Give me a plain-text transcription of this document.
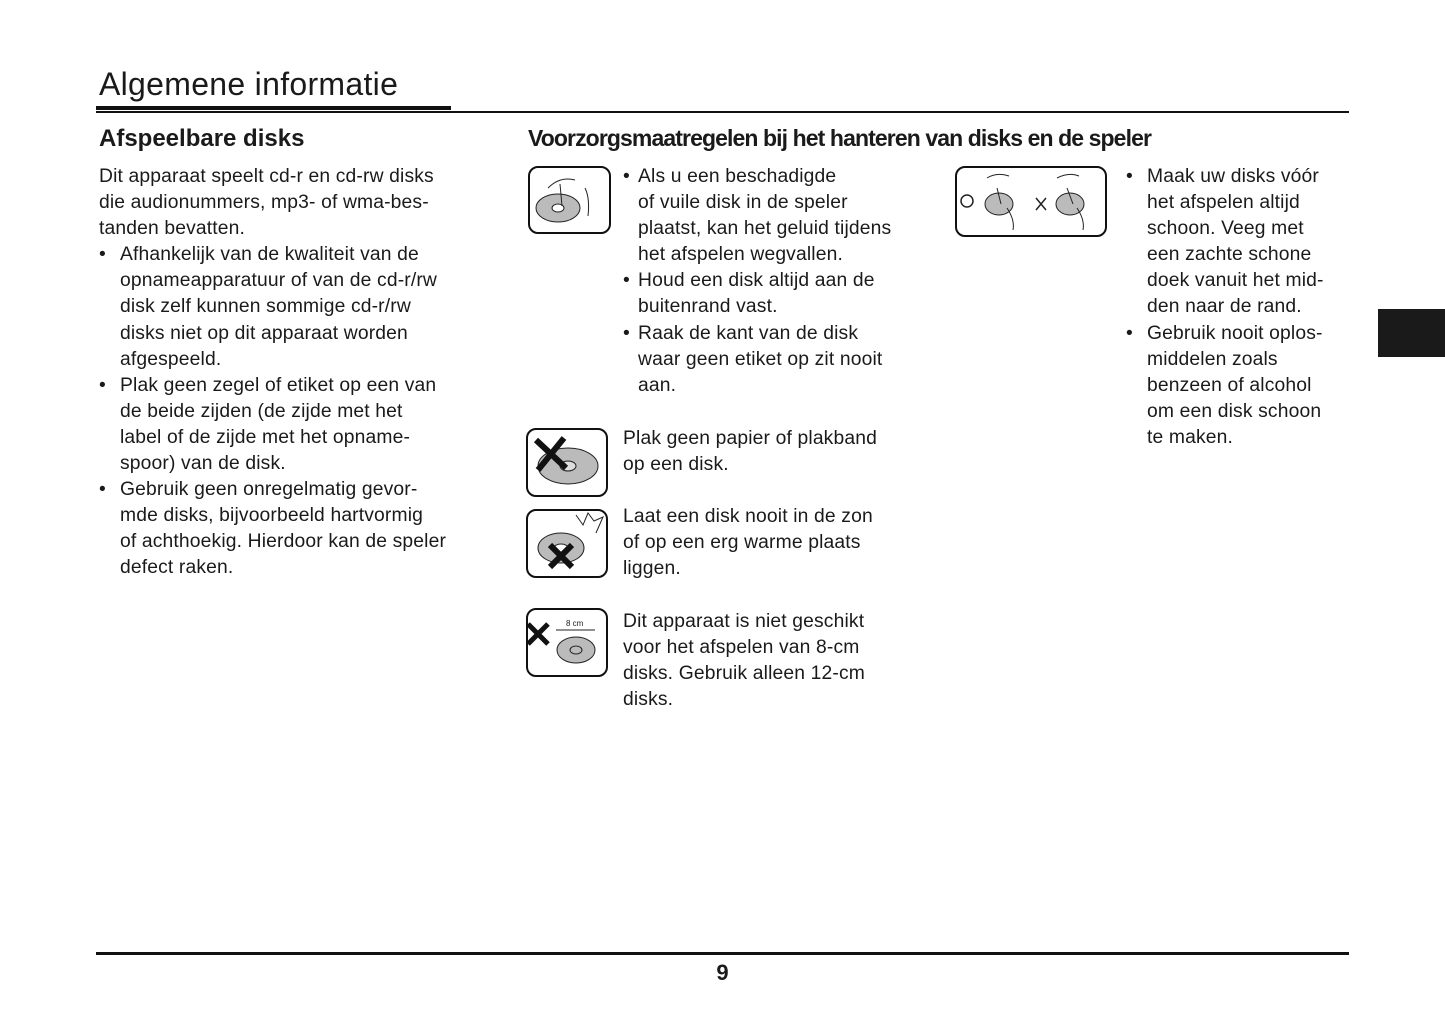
Algemene informatie
Afspeelbare disks
Dit apparaat speelt cd-r en cd-rw disks
die audionummers, mp3- of wma-bes-
tanden bevatten.
• Afhankelijk van de kwaliteit van de
opnameapparatuur of van de cd-r/rw
disk zelf kunnen sommige cd-r/rw
disks niet op dit apparaat worden
afgespeeld.
• Plak geen zegel of etiket op een van
de beide zijden (de zijde met het
label of de zijde met het opname-
spoor) van de disk.
• Gebruik geen onregelmatig gevor-
mde disks, bijvoorbeeld hartvormig
of achthoekig. Hierdoor kan de speler
defect raken.
Voorzorgsmaatregelen bij het hanteren van disks en de speler
8 cm
• Als u een beschadigde
of vuile disk in de speler
plaatst, kan het geluid tijdens
het afspelen wegvallen.
• Houd een disk altijd aan de
buitenrand vast.
• Raak de kant van de disk
waar geen etiket op zit nooit
aan.
Plak geen papier of plakband
op een disk.
Laat een disk nooit in de zon
of op een erg warme plaats
liggen.
Dit apparaat is niet geschikt
voor het afspelen van 8-cm
disks. Gebruik alleen 12-cm
disks.
• Maak uw disks vóór
het afspelen altijd
schoon. Veeg met
een zachte schone
doek vanuit het mid-
den naar de rand.
• Gebruik nooit oplos-
middelen zoals
benzeen of alcohol
om een disk schoon
te maken.
9
